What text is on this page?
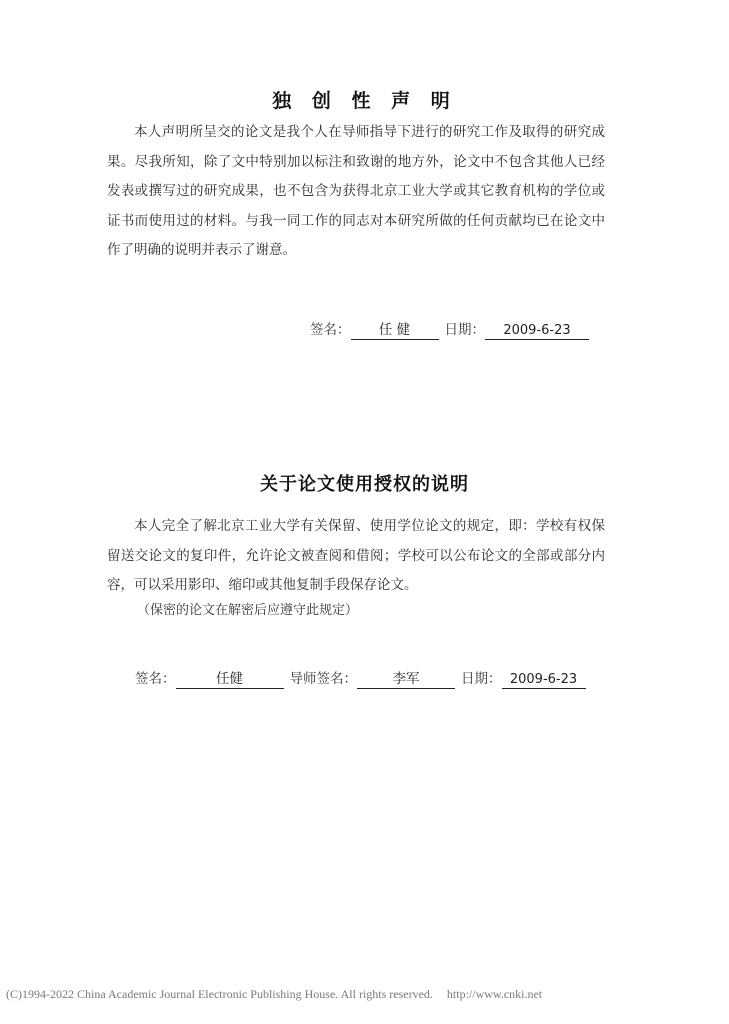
独 创 性 声 明
本人声明所呈交的论文是我个人在导师指导下进行的研究工作及取得的研究成果。尽我所知，除了文中特别加以标注和致谢的地方外，论文中不包含其他人已经发表或撰写过的研究成果，也不包含为获得北京工业大学或其它教育机构的学位或证书而使用过的材料。与我一同工作的同志对本研究所做的任何贡献均已在论文中作了明确的说明并表示了谢意。
签名： 任 健	日期： 2009-6-23
关于论文使用授权的说明
本人完全了解北京工业大学有关保留、使用学位论文的规定，即：学校有权保留送交论文的复印件，允许论文被查阅和借阅；学校可以公布论文的全部或部分内容，可以采用影印、缩印或其他复制手段保存论文。
（保密的论文在解密后应遵守此规定）
签名：	任健	导师签名：	李军	日期： 2009-6-23
(C)1994-2022 China Academic Journal Electronic Publishing House. All rights reserved. http://www.cnki.net
